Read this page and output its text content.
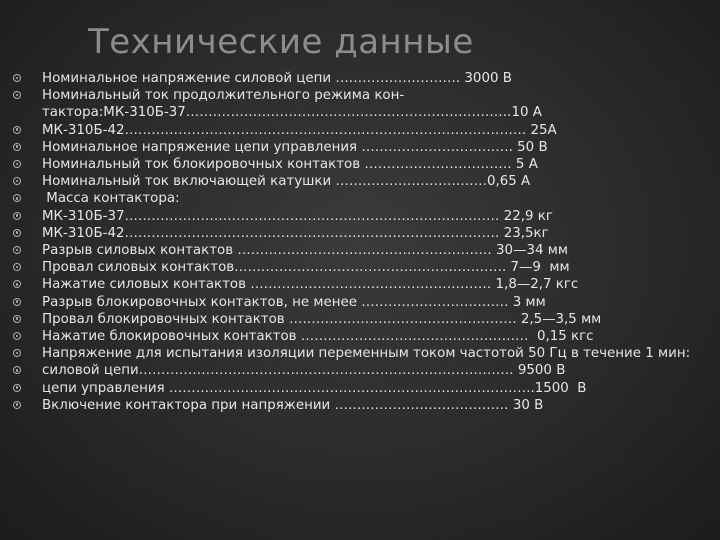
Технические данные
Номинальное напряжение силовой цепи ………………………. 3000 В
Номинальный ток продолжительного режима кон-тактора:МК-310Б-37……………………………………………………………….10 А
МК-310Б-42……………………………………………………………………………… 25А
Номинальное напряжение цепи управления ……………………………. 50 В
Номинальный ток блокировочных контактов …………………………… 5 А
Номинальный ток включающей катушки ……………………….……0,65 А
Масса контактора:
МК-310Б-37………………………………………………………………………… 22,9 кг
МК-310Б-42………………………………………………………………………… 23,5кг
Разрыв силовых контактов ………………………………………………… 30—34 мм
Провал силовых контактов……………………………………………………. 7—9  мм
Нажатие силовых контактов ……………………………………………… 1,8—2,7 кгс
Разрыв блокировочных контактов, не менее …………………………… 3 мм
Провал блокировочных контактов …………………………………………… 2,5—3,5 мм
Нажатие блокировочных контактов ……………………………………………  0,15 кгс
Напряжение для испытания изоляции переменным током частотой 50 Гц в течение 1 мин:
силовой цепи………………………………………………………………………… 9500 В
цепи управления ……………………………………………………………………….1500  В
Включение контактора при напряжении ………………………………… 30 В
